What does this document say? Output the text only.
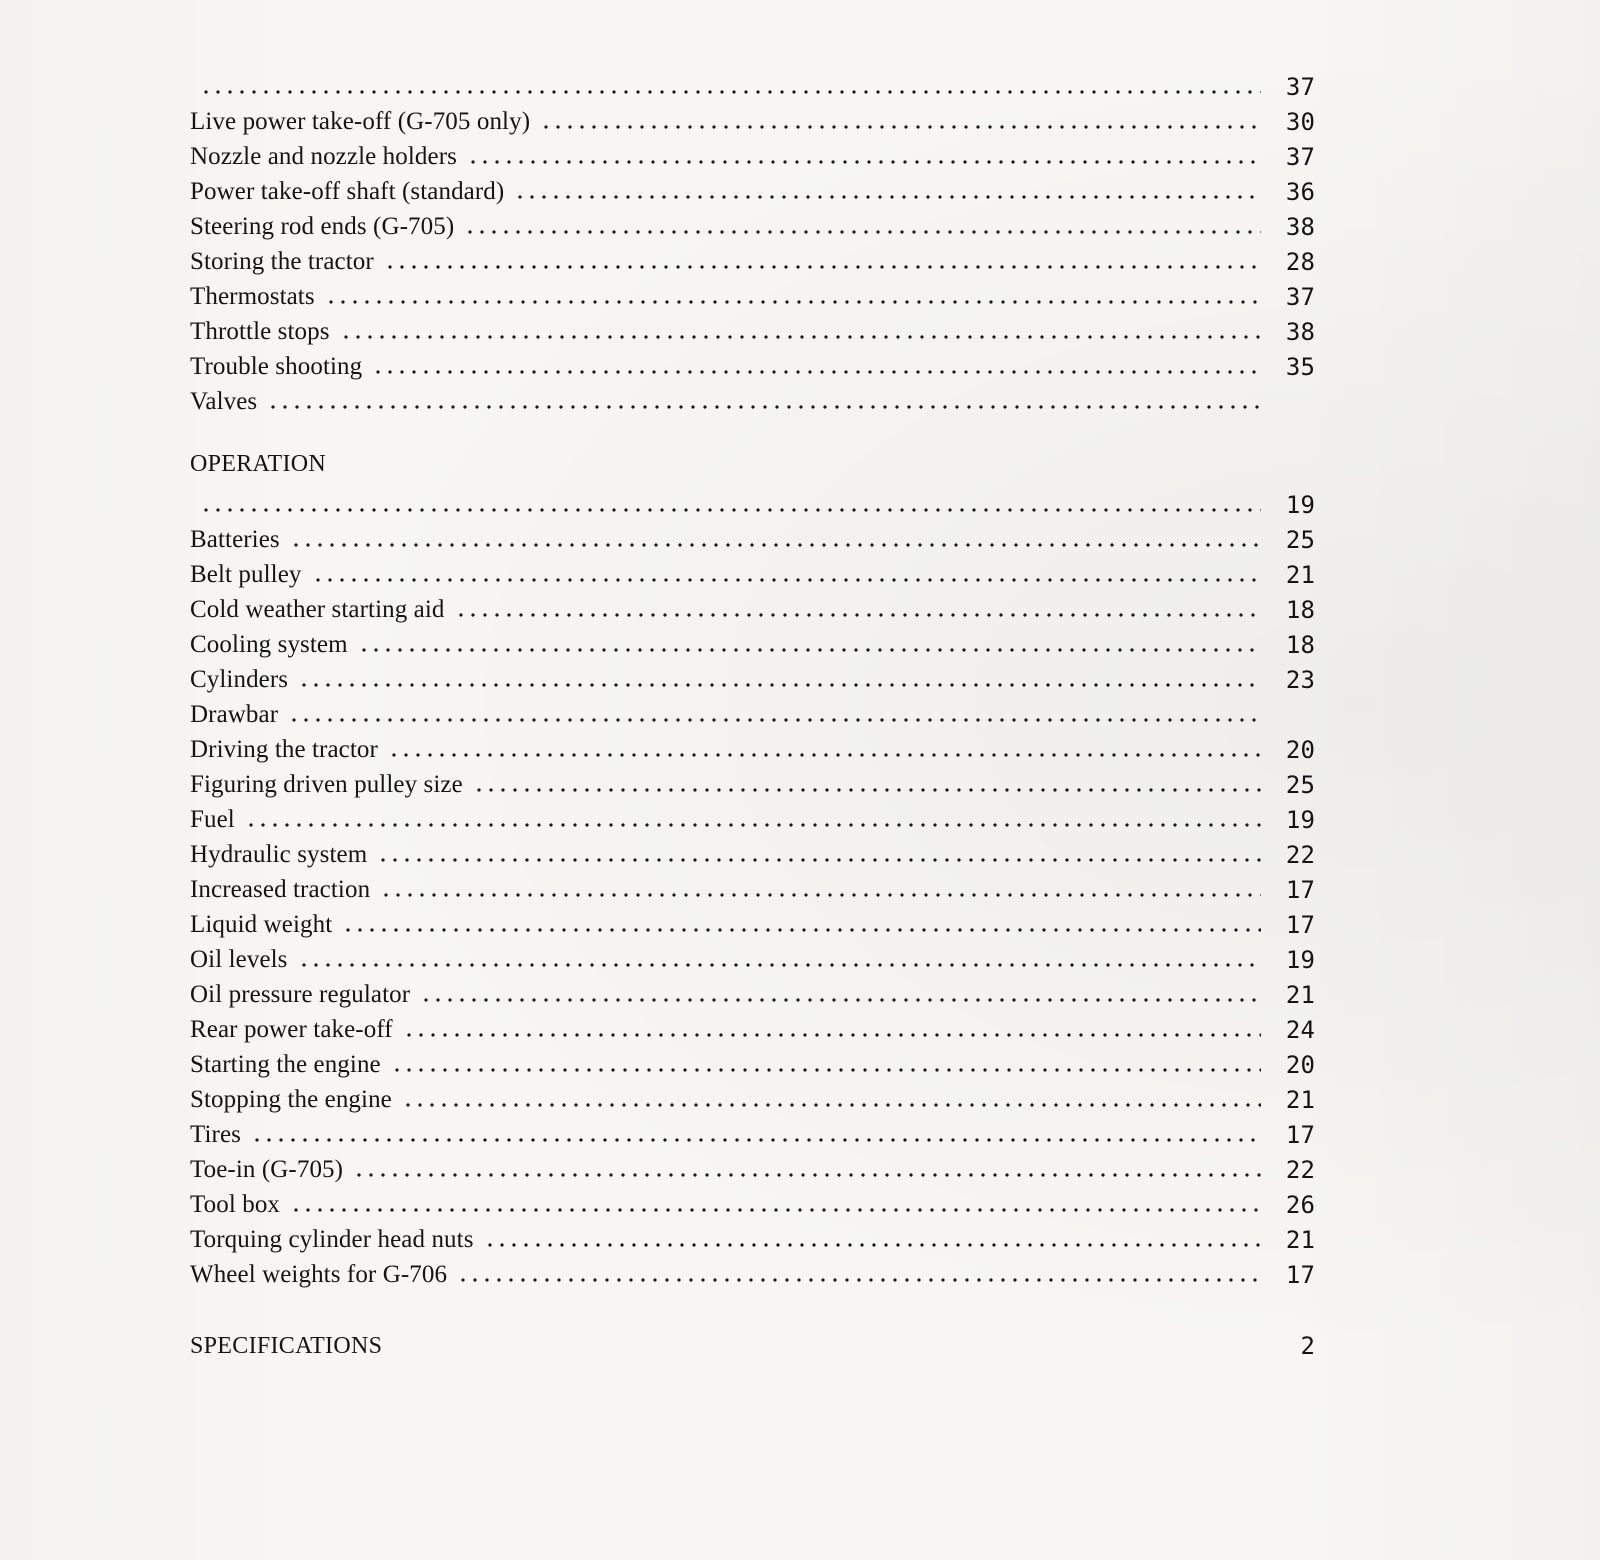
37
Live power take-off (G-705 only)	30
Nozzle and nozzle holders	37
Power take-off shaft (standard)	36
Steering rod ends (G-705)	38
Storing the tractor	28
Thermostats	37
Throttle stops	38
Trouble shooting	35
Valves
OPERATION
19
Batteries	25
Belt pulley	21
Cold weather starting aid	18
Cooling system	18
Cylinders	23
Drawbar
Driving the tractor	20
Figuring driven pulley size	25
Fuel	19
Hydraulic system	22
Increased traction	17
Liquid weight	17
Oil levels	19
Oil pressure regulator	21
Rear power take-off	24
Starting the engine	20
Stopping the engine	21
Tires	17
Toe-in (G-705)	22
Tool box	26
Torquing cylinder head nuts	21
Wheel weights for G-706	17
SPECIFICATIONS	2
